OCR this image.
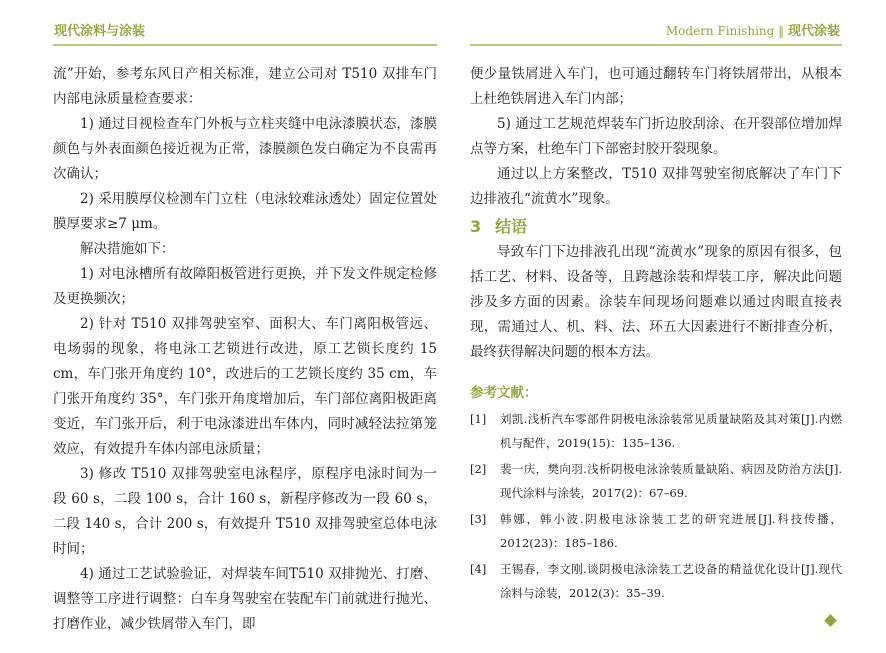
现代涂料与涂装	Modern Finishing ‖ 现代涂装

流”开始，参考东风日产相关标准，建立公司对 T510 双排车门内部电泳质量检查要求：

1) 通过目视检查车门外板与立柱夹缝中电泳漆膜状态，漆膜颜色与外表面颜色接近视为正常，漆膜颜色发白确定为不良需再次确认；

2) 采用膜厚仪检测车门立柱（电泳较难泳透处）固定位置处膜厚要求≥7 μm。

解决措施如下：

1) 对电泳槽所有故障阳极管进行更换，并下发文件规定检修及更换频次；

2) 针对 T510 双排驾驶室窄、面积大、车门离阳极管远、电场弱的现象，将电泳工艺锁进行改进，原工艺锁长度约 15 cm，车门张开角度约 10°，改进后的工艺锁长度约 35 cm，车门张开角度约 35°，车门张开角度增加后，车门部位离阳极距离变近，车门张开后，利于电泳漆进出车体内，同时减轻法拉第笼效应，有效提升车体内部电泳质量；

3) 修改 T510 双排驾驶室电泳程序，原程序电泳时间为一段 60 s，二段 100 s，合计 160 s，新程序修改为一段 60 s，二段 140 s，合计 200 s，有效提升 T510 双排驾驶室总体电泳时间；

4) 通过工艺试验验证，对焊装车间T510 双排抛光、打磨、调整等工序进行调整：白车身驾驶室在装配车门前就进行抛光、打磨作业，减少铁屑带入车门，即

便少量铁屑进入车门，也可通过翻转车门将铁屑带出，从根本上杜绝铁屑进入车门内部；

5) 通过工艺规范焊装车门折边胶刮涂、在开裂部位增加焊点等方案，杜绝车门下部密封胶开裂现象。

通过以上方案整改，T510 双排驾驶室彻底解决了车门下边排液孔“流黄水”现象。

3 结语

导致车门下边排液孔出现“流黄水”现象的原因有很多，包括工艺、材料、设备等，且跨越涂装和焊装工序，解决此问题涉及多方面的因素。涂装车间现场问题难以通过肉眼直接表现，需通过人、机、料、法、环五大因素进行不断排查分析，最终获得解决问题的根本方法。

参考文献：
[1]	刘凯.浅析汽车零部件阴极电泳涂装常见质量缺陷及其对策[J].内燃机与配件，2019(15)：135–136.
[2]	裴一庆，樊向羽.浅析阴极电泳涂装质量缺陷、病因及防治方法[J].现代涂料与涂装，2017(2)：67–69.
[3]	韩娜，韩小波.阴极电泳涂装工艺的研究进展[J].科技传播，2012(23)：185–186.
[4]	王锡春，李文刚.谈阴极电泳涂装工艺设备的精益优化设计[J].现代涂料与涂装，2012(3)：35–39.
